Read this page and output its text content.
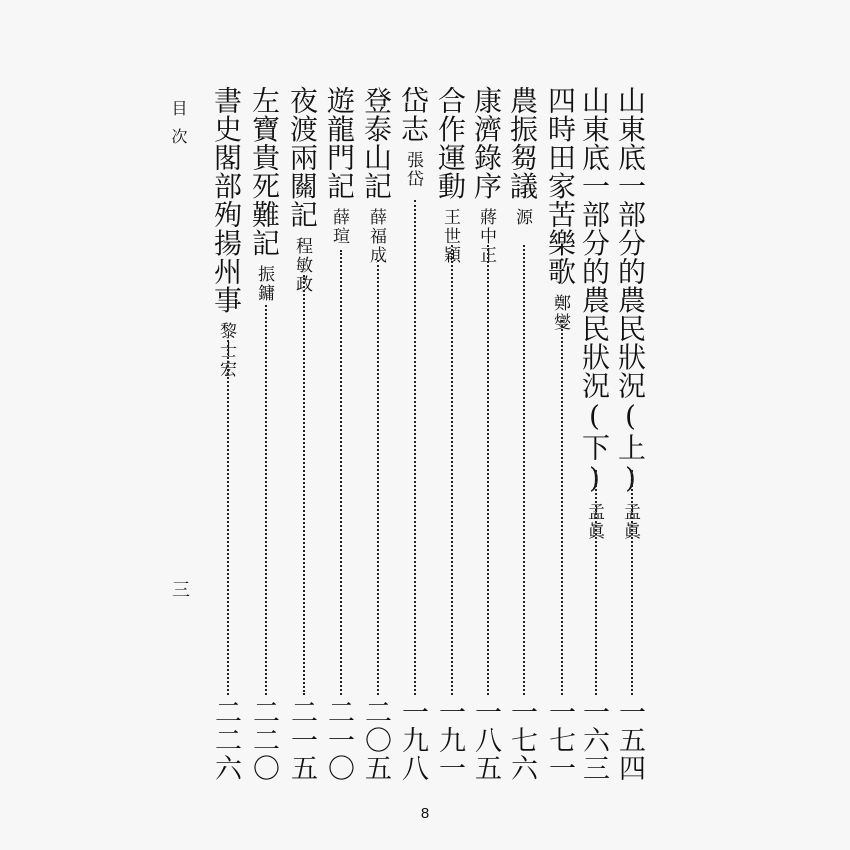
山東底一部分的農民狀況(上)孟眞
一五四
山東底一部分的農民狀況(下)孟眞
一六三
四時田家苦樂歌鄭燮
一七一
農振芻議源
一七六
康濟錄序蔣中正
一八五
合作運動王世穎
一九一
岱志張岱
一九八
登泰山記薛福成
二〇五
遊龍門記薛瑄
二一〇
夜渡兩關記程敏政
二一五
左寶貴死難記振鏞
二二〇
書史閣部殉揚州事黎士宏
二二六
目次
三
8
